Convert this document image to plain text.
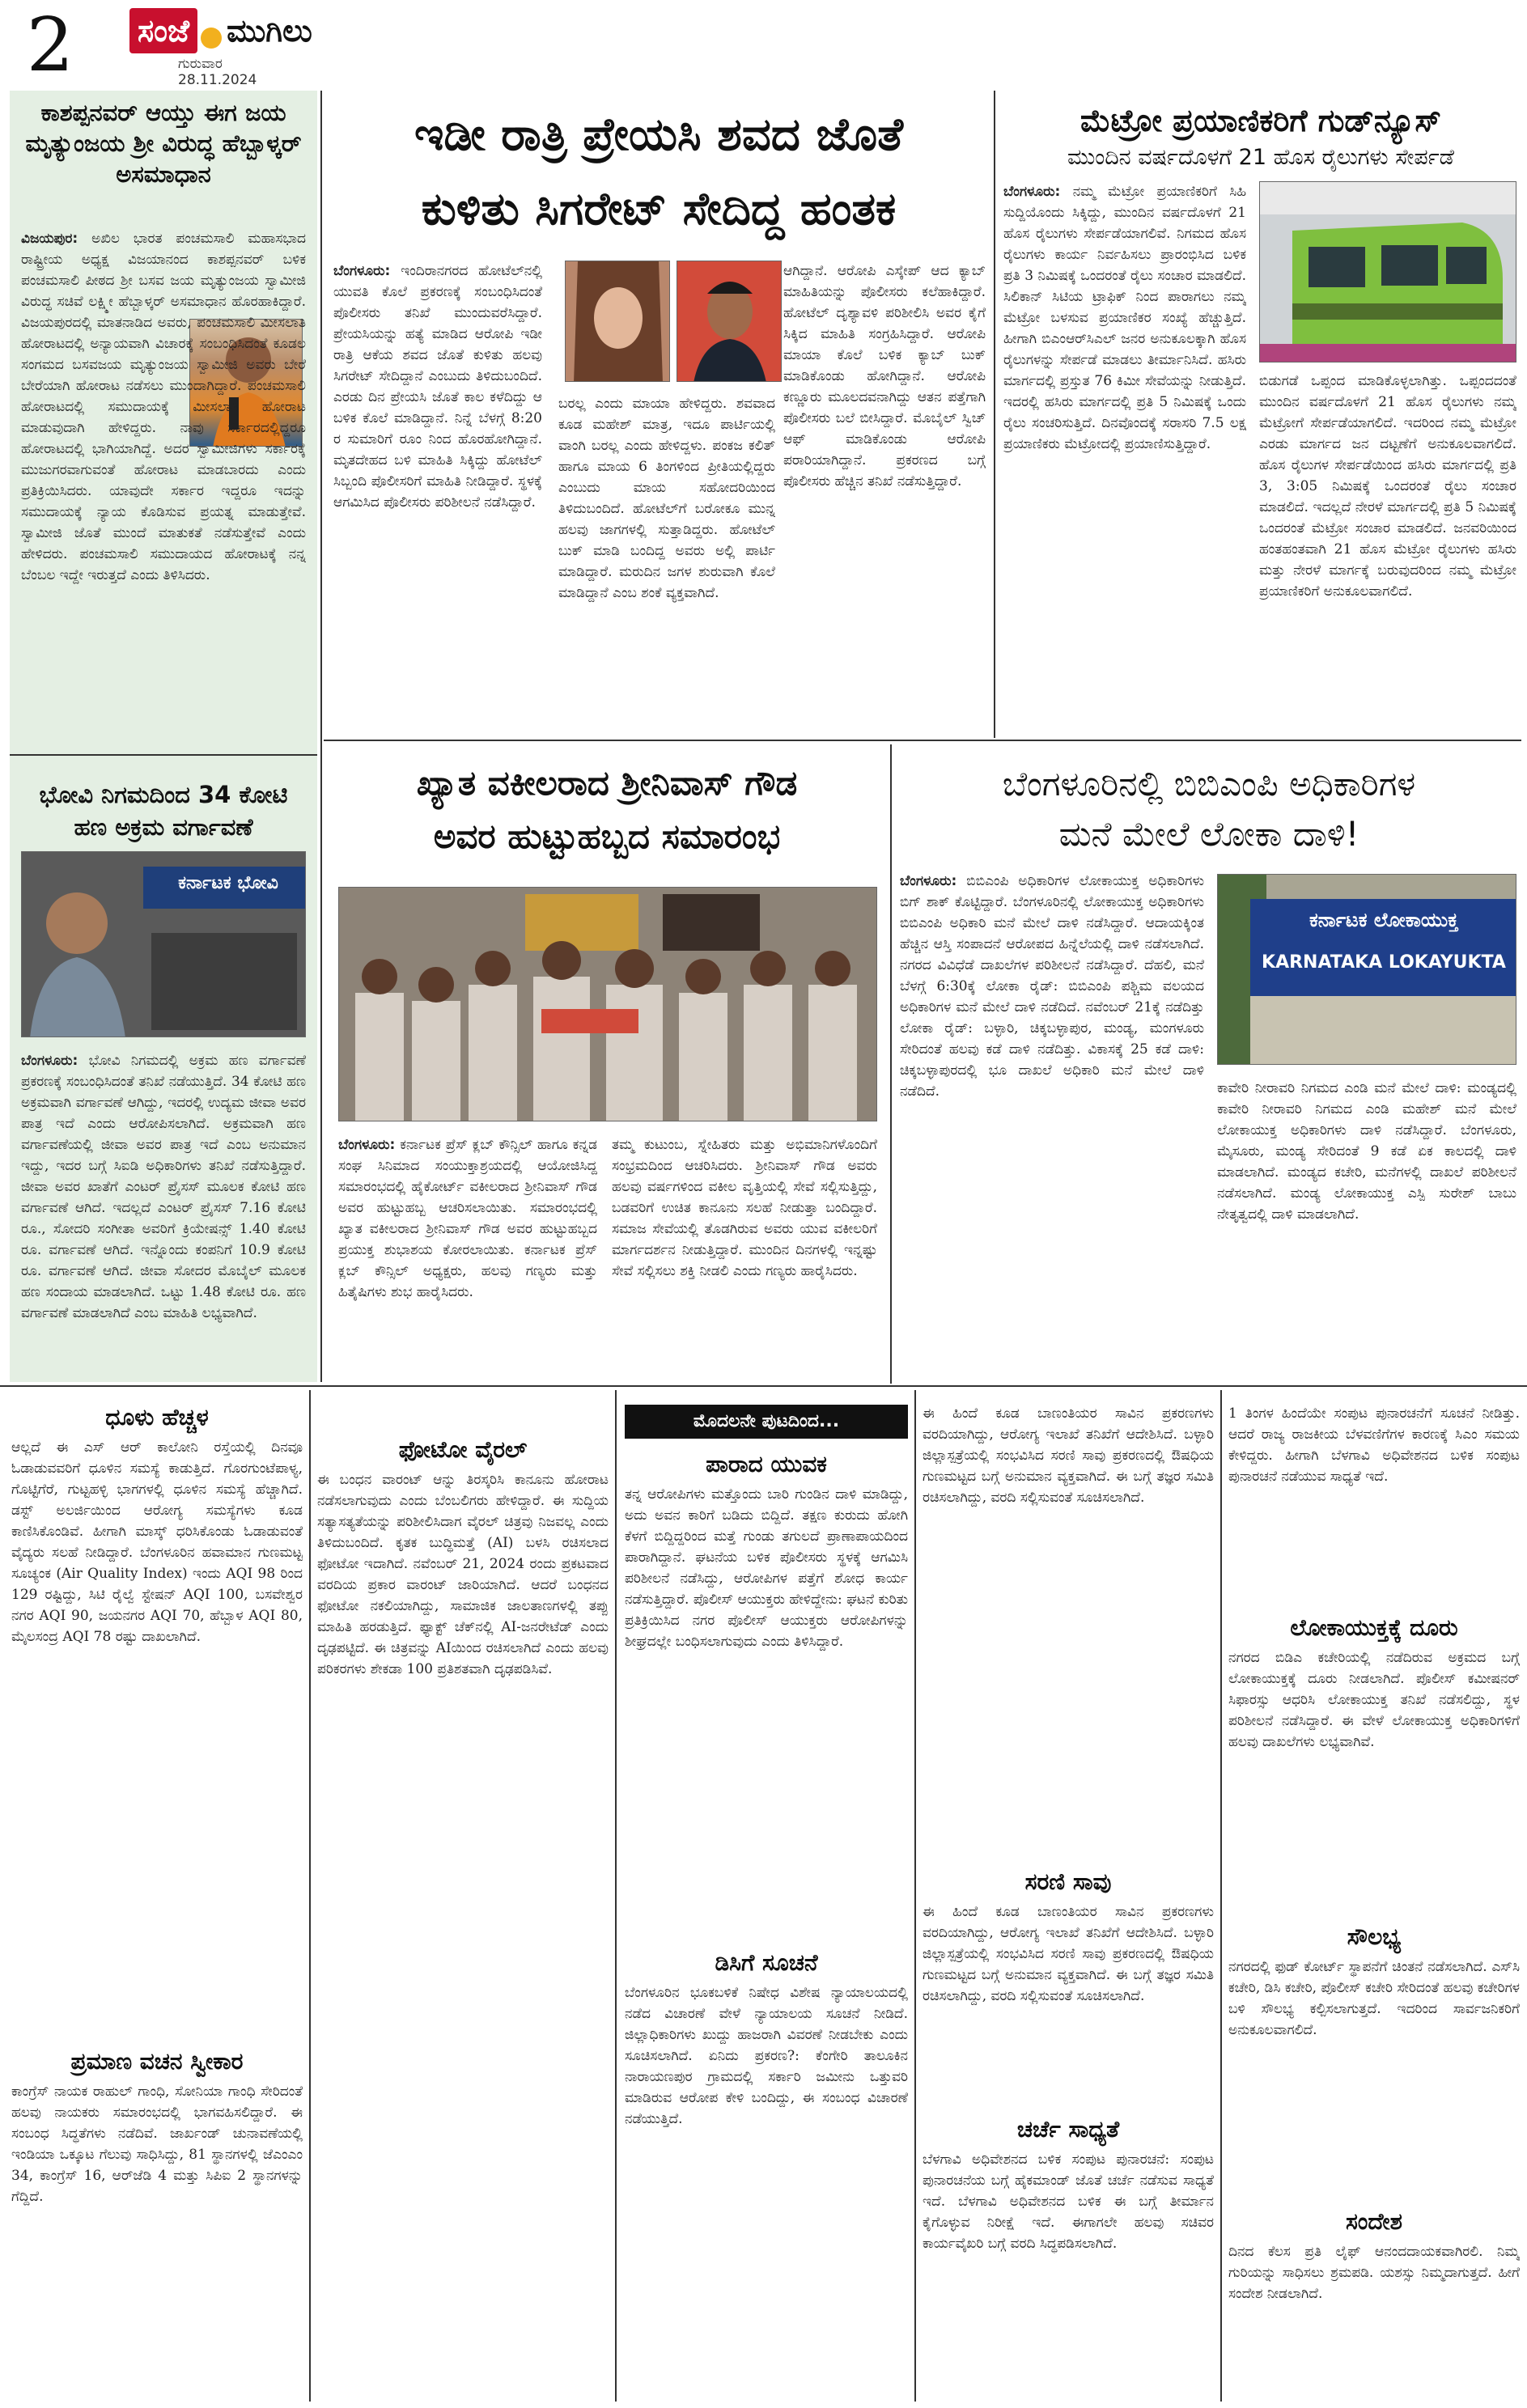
2	ಸಂಜೆ ಮುಗಿಲು
ಗುರುವಾರ
28.11.2024
ಕಾಶಪ್ಪನವರ್ ಆಯ್ತು ಈಗ ಜಯ ಮೃತ್ಯುಂಜಯ ಶ್ರೀ ವಿರುದ್ಧ ಹೆಬ್ಬಾಳ್ಕರ್ ಅಸಮಾಧಾನ
ವಿಜಯಪುರ: ಅಖಿಲ ಭಾರತ ಪಂಚಮಸಾಲಿ ಮಹಾಸಭಾದ ರಾಷ್ಟ್ರೀಯ ಅಧ್ಯಕ್ಷ ವಿಜಯಾನಂದ ಕಾಶಪ್ಪನವರ್ ಬಳಿಕ ಪಂಚಮಸಾಲಿ ಪೀಠದ ಶ್ರೀ ಬಸವ ಜಯ ಮೃತ್ಯುಂಜಯ ಸ್ವಾಮೀಜಿ ವಿರುದ್ಧ ಸಚಿವೆ ಲಕ್ಷ್ಮೀ ಹೆಬ್ಬಾಳ್ಕರ್ ಅಸಮಾಧಾನ ಹೊರಹಾಕಿದ್ದಾರೆ. ವಿಜಯಪುರದಲ್ಲಿ ಮಾತನಾಡಿದ ಅವರು, ಪಂಚಮಸಾಲಿ ಮೀಸಲಾತಿ ಹೋರಾಟದಲ್ಲಿ ಅನ್ಯಾಯವಾಗಿ ವಿಚಾರಕ್ಕೆ ಸಂಬಂಧಿಸಿದಂತೆ ಕೂಡಲ ಸಂಗಮದ ಬಸವಜಯ ಮೃತ್ಯುಂಜಯ ಸ್ವಾಮೀಜಿ ಅವರು ಬೇರೆ ಬೇರೆಯಾಗಿ ಹೋರಾಟ ನಡೆಸಲು ಮುಂದಾಗಿದ್ದಾರೆ. ಪಂಚಮಸಾಲಿ ಹೋರಾಟದಲ್ಲಿ ಸಮುದಾಯಕ್ಕೆ ಮೀಸಲಾತಿ ಹೋರಾಟ ಮಾಡುವುದಾಗಿ ಹೇಳಿದ್ದರು. ನಾವು ಸರ್ಕಾರದಲ್ಲಿದ್ದರೂ ಹೋರಾಟದಲ್ಲಿ ಭಾಗಿಯಾಗಿದ್ದೆ. ಅದರ ಸ್ವಾಮೀಜಿಗಳು ಸರ್ಕಾರಕ್ಕೆ ಮುಜುಗರವಾಗುವಂತೆ ಹೋರಾಟ ಮಾಡಬಾರದು ಎಂದು ಪ್ರತಿಕ್ರಿಯಿಸಿದರು. ಯಾವುದೇ ಸರ್ಕಾರ ಇದ್ದರೂ ಇದನ್ನು ಸಮುದಾಯಕ್ಕೆ ನ್ಯಾಯ ಕೊಡಿಸುವ ಪ್ರಯತ್ನ ಮಾಡುತ್ತೇವೆ. ಸ್ವಾಮೀಜಿ ಜೊತೆ ಮುಂದೆ ಮಾತುಕತೆ ನಡೆಸುತ್ತೇವೆ ಎಂದು ಹೇಳಿದರು. ಪಂಚಮಸಾಲಿ ಸಮುದಾಯದ ಹೋರಾಟಕ್ಕೆ ನನ್ನ ಬೆಂಬಲ ಇದ್ದೇ ಇರುತ್ತದೆ ಎಂದು ತಿಳಿಸಿದರು.
ಭೋವಿ ನಿಗಮದಿಂದ 34 ಕೋಟಿ ಹಣ ಅಕ್ರಮ ವರ್ಗಾವಣೆ
ಕರ್ನಾಟಕ ಭೋವಿ
ಬೆಂಗಳೂರು: ಭೋವಿ ನಿಗಮದಲ್ಲಿ ಅಕ್ರಮ ಹಣ ವರ್ಗಾವಣೆ ಪ್ರಕರಣಕ್ಕೆ ಸಂಬಂಧಿಸಿದಂತೆ ತನಿಖೆ ನಡೆಯುತ್ತಿದೆ. 34 ಕೋಟಿ ಹಣ ಅಕ್ರಮವಾಗಿ ವರ್ಗಾವಣೆ ಆಗಿದ್ದು, ಇದರಲ್ಲಿ ಉದ್ಯಮ ಜೀವಾ ಅವರ ಪಾತ್ರ ಇದೆ ಎಂದು ಆರೋಪಿಸಲಾಗಿದೆ. ಅಕ್ರಮವಾಗಿ ಹಣ ವರ್ಗಾವಣೆಯಲ್ಲಿ ಜೀವಾ ಅವರ ಪಾತ್ರ ಇದೆ ಎಂಬ ಅನುಮಾನ ಇದ್ದು, ಇದರ ಬಗ್ಗೆ ಸಿಐಡಿ ಅಧಿಕಾರಿಗಳು ತನಿಖೆ ನಡೆಸುತ್ತಿದ್ದಾರೆ. ಜೀವಾ ಅವರ ಖಾತೆಗೆ ಎಂಟರ್ ಪ್ರೈಸಸ್ ಮೂಲಕ ಕೋಟಿ ಹಣ ವರ್ಗಾವಣೆ ಆಗಿದೆ. ಇದಲ್ಲದೆ ಎಂಟರ್ ಪ್ರೈಸಸ್ 7.16 ಕೋಟಿ ರೂ., ಸೋದರಿ ಸಂಗೀತಾ ಅವರಿಗೆ ಕ್ರಿಯೇಷನ್ಸ್ 1.40 ಕೋಟಿ ರೂ. ವರ್ಗಾವಣೆ ಆಗಿದೆ. ಇನ್ನೊಂದು ಕಂಪನಿಗೆ 10.9 ಕೋಟಿ ರೂ. ವರ್ಗಾವಣೆ ಆಗಿದೆ. ಜೀವಾ ಸೋದರ ಮೊಬೈಲ್ ಮೂಲಕ ಹಣ ಸಂದಾಯ ಮಾಡಲಾಗಿದೆ. ಒಟ್ಟು 1.48 ಕೋಟಿ ರೂ. ಹಣ ವರ್ಗಾವಣೆ ಮಾಡಲಾಗಿದೆ ಎಂಬ ಮಾಹಿತಿ ಲಭ್ಯವಾಗಿದೆ.
ಇಡೀ ರಾತ್ರಿ ಪ್ರೇಯಸಿ ಶವದ ಜೊತೆ
ಕುಳಿತು ಸಿಗರೇಟ್ ಸೇದಿದ್ದ ಹಂತಕ
ಬೆಂಗಳೂರು: ಇಂದಿರಾನಗರದ ಹೋಟೆಲ್‌ನಲ್ಲಿ ಯುವತಿ ಕೊಲೆ ಪ್ರಕರಣಕ್ಕೆ ಸಂಬಂಧಿಸಿದಂತೆ ಪೊಲೀಸರು ತನಿಖೆ ಮುಂದುವರೆಸಿದ್ದಾರೆ. ಪ್ರೇಯಸಿಯನ್ನು ಹತ್ಯೆ ಮಾಡಿದ ಆರೋಪಿ ಇಡೀ ರಾತ್ರಿ ಆಕೆಯ ಶವದ ಜೊತೆ ಕುಳಿತು ಹಲವು ಸಿಗರೇಟ್ ಸೇದಿದ್ದಾನೆ ಎಂಬುದು ತಿಳಿದುಬಂದಿದೆ. ಎರಡು ದಿನ ಪ್ರೇಯಸಿ ಜೊತೆ ಕಾಲ ಕಳೆದಿದ್ದು ಆ ಬಳಿಕ ಕೊಲೆ ಮಾಡಿದ್ದಾನೆ. ನಿನ್ನೆ ಬೆಳಗ್ಗೆ 8:20 ರ ಸುಮಾರಿಗೆ ರೂಂ ನಿಂದ ಹೊರಹೋಗಿದ್ದಾನೆ. ಮೃತದೇಹದ ಬಳಿ ಮಾಹಿತಿ ಸಿಕ್ಕಿದ್ದು ಹೋಟೆಲ್ ಸಿಬ್ಬಂದಿ ಪೊಲೀಸರಿಗೆ ಮಾಹಿತಿ ನೀಡಿದ್ದಾರೆ. ಸ್ಥಳಕ್ಕೆ ಆಗಮಿಸಿದ ಪೊಲೀಸರು ಪರಿಶೀಲನೆ ನಡೆಸಿದ್ದಾರೆ.
ಬರಲ್ಲ ಎಂದು ಮಾಯಾ ಹೇಳಿದ್ದರು. ಶವವಾದ ಕೂಡ ಮಹೇಶ್ ಮಾತ್ರ, ಇದೂ ಪಾರ್ಟಿಯಲ್ಲಿ ವಾಂಗಿ ಬರಲ್ಲ ಎಂದು ಹೇಳಿದ್ದಳು. ಪಂಕಜ ಕಲಿತ್ ಹಾಗೂ ಮಾಯ 6 ತಿಂಗಳಿಂದ ಪ್ರೀತಿಯಲ್ಲಿದ್ದರು ಎಂಬುದು ಮಾಯ ಸಹೋದರಿಯಿಂದ ತಿಳಿದುಬಂದಿದೆ. ಹೋಟೆಲ್‌ಗೆ ಬರೋಕೂ ಮುನ್ನ ಹಲವು ಜಾಗಗಳಲ್ಲಿ ಸುತ್ತಾಡಿದ್ದರು. ಹೋಟೆಲ್ ಬುಕ್ ಮಾಡಿ ಬಂದಿದ್ದ ಅವರು ಅಲ್ಲಿ ಪಾರ್ಟಿ ಮಾಡಿದ್ದಾರೆ. ಮರುದಿನ ಜಗಳ ಶುರುವಾಗಿ ಕೊಲೆ ಮಾಡಿದ್ದಾನೆ ಎಂಬ ಶಂಕೆ ವ್ಯಕ್ತವಾಗಿದೆ.
ಆಗಿದ್ದಾನೆ. ಆರೋಪಿ ಎಸ್ಕೇಪ್ ಆದ ಕ್ಯಾಬ್ ಮಾಹಿತಿಯನ್ನು ಪೊಲೀಸರು ಕಲೆಹಾಕಿದ್ದಾರೆ. ಹೋಟೆಲ್ ದೃಶ್ಯಾವಳಿ ಪರಿಶೀಲಿಸಿ ಅವರ ಕೈಗೆ ಸಿಕ್ಕಿದ ಮಾಹಿತಿ ಸಂಗ್ರಹಿಸಿದ್ದಾರೆ. ಆರೋಪಿ ಮಾಯಾ ಕೊಲೆ ಬಳಿಕ ಕ್ಯಾಬ್ ಬುಕ್ ಮಾಡಿಕೊಂಡು ಹೋಗಿದ್ದಾನೆ. ಆರೋಪಿ ಕಣ್ಣೂರು ಮೂಲದವನಾಗಿದ್ದು ಆತನ ಪತ್ತೆಗಾಗಿ ಪೊಲೀಸರು ಬಲೆ ಬೀಸಿದ್ದಾರೆ. ಮೊಬೈಲ್ ಸ್ವಿಚ್ ಆಫ್ ಮಾಡಿಕೊಂಡು ಆರೋಪಿ ಪರಾರಿಯಾಗಿದ್ದಾನೆ. ಪ್ರಕರಣದ ಬಗ್ಗೆ ಪೊಲೀಸರು ಹೆಚ್ಚಿನ ತನಿಖೆ ನಡೆಸುತ್ತಿದ್ದಾರೆ.
ಮೆಟ್ರೋ ಪ್ರಯಾಣಿಕರಿಗೆ ಗುಡ್‌ನ್ಯೂಸ್
ಮುಂದಿನ ವರ್ಷದೊಳಗೆ 21 ಹೊಸ ರೈಲುಗಳು ಸೇರ್ಪಡೆ
ಬೆಂಗಳೂರು: ನಮ್ಮ ಮೆಟ್ರೋ ಪ್ರಯಾಣಿಕರಿಗೆ ಸಿಹಿ ಸುದ್ದಿಯೊಂದು ಸಿಕ್ಕಿದ್ದು, ಮುಂದಿನ ವರ್ಷದೊಳಗೆ 21 ಹೊಸ ರೈಲುಗಳು ಸೇರ್ಪಡೆಯಾಗಲಿವೆ. ನಿಗಮದ ಹೊಸ ರೈಲುಗಳು ಕಾರ್ಯ ನಿರ್ವಹಿಸಲು ಪ್ರಾರಂಭಿಸಿದ ಬಳಿಕ ಪ್ರತಿ 3 ನಿಮಿಷಕ್ಕೆ ಒಂದರಂತೆ ರೈಲು ಸಂಚಾರ ಮಾಡಲಿದೆ. ಸಿಲಿಕಾನ್ ಸಿಟಿಯ ಟ್ರಾಫಿಕ್ ನಿಂದ ಪಾರಾಗಲು ನಮ್ಮ ಮೆಟ್ರೋ ಬಳಸುವ ಪ್ರಯಾಣಿಕರ ಸಂಖ್ಯೆ ಹೆಚ್ಚುತ್ತಿದೆ. ಹೀಗಾಗಿ ಬಿಎಂಆರ್‌ಸಿಎಲ್ ಜನರ ಅನುಕೂಲಕ್ಕಾಗಿ ಹೊಸ ರೈಲುಗಳನ್ನು ಸೇರ್ಪಡೆ ಮಾಡಲು ತೀರ್ಮಾನಿಸಿದೆ. ಹಸಿರು ಮಾರ್ಗದಲ್ಲಿ ಪ್ರಸ್ತುತ 76 ಕಿಮೀ ಸೇವೆಯನ್ನು ನೀಡುತ್ತಿದೆ. ಇದರಲ್ಲಿ ಹಸಿರು ಮಾರ್ಗದಲ್ಲಿ ಪ್ರತಿ 5 ನಿಮಿಷಕ್ಕೆ ಒಂದು ರೈಲು ಸಂಚರಿಸುತ್ತಿದೆ. ದಿನವೊಂದಕ್ಕೆ ಸರಾಸರಿ 7.5 ಲಕ್ಷ ಪ್ರಯಾಣಿಕರು ಮೆಟ್ರೋದಲ್ಲಿ ಪ್ರಯಾಣಿಸುತ್ತಿದ್ದಾರೆ.
ಬಿಡುಗಡೆ ಒಪ್ಪಂದ ಮಾಡಿಕೊಳ್ಳಲಾಗಿತ್ತು. ಒಪ್ಪಂದದಂತೆ ಮುಂದಿನ ವರ್ಷದೊಳಗೆ 21 ಹೊಸ ರೈಲುಗಳು ನಮ್ಮ ಮೆಟ್ರೋಗೆ ಸೇರ್ಪಡೆಯಾಗಲಿದೆ. ಇದರಿಂದ ನಮ್ಮ ಮೆಟ್ರೋ ಎರಡು ಮಾರ್ಗದ ಜನ ದಟ್ಟಣೆಗೆ ಅನುಕೂಲವಾಗಲಿದೆ. ಹೊಸ ರೈಲುಗಳ ಸೇರ್ಪಡೆಯಿಂದ ಹಸಿರು ಮಾರ್ಗದಲ್ಲಿ ಪ್ರತಿ 3, 3:05 ನಿಮಿಷಕ್ಕೆ ಒಂದರಂತೆ ರೈಲು ಸಂಚಾರ ಮಾಡಲಿದೆ. ಇದಲ್ಲದೆ ನೇರಳೆ ಮಾರ್ಗದಲ್ಲಿ ಪ್ರತಿ 5 ನಿಮಿಷಕ್ಕೆ ಒಂದರಂತೆ ಮೆಟ್ರೋ ಸಂಚಾರ ಮಾಡಲಿದೆ. ಜನವರಿಯಿಂದ ಹಂತಹಂತವಾಗಿ 21 ಹೊಸ ಮೆಟ್ರೋ ರೈಲುಗಳು ಹಸಿರು ಮತ್ತು ನೇರಳೆ ಮಾರ್ಗಕ್ಕೆ ಬರುವುದರಿಂದ ನಮ್ಮ ಮೆಟ್ರೋ ಪ್ರಯಾಣಿಕರಿಗೆ ಅನುಕೂಲವಾಗಲಿದೆ.
ಖ್ಯಾತ ವಕೀಲರಾದ ಶ್ರೀನಿವಾಸ್ ಗೌಡ
ಅವರ ಹುಟ್ಟುಹಬ್ಬದ ಸಮಾರಂಭ
ಬೆಂಗಳೂರು: ಕರ್ನಾಟಕ ಪ್ರೆಸ್ ಕ್ಲಬ್ ಕೌನ್ಸಿಲ್ ಹಾಗೂ ಕನ್ನಡ ಸಂಘ ಸಿನಿಮಾದ ಸಂಯುಕ್ತಾಶ್ರಯದಲ್ಲಿ ಆಯೋಜಿಸಿದ್ದ ಸಮಾರಂಭದಲ್ಲಿ ಹೈಕೋರ್ಟ್ ವಕೀಲರಾದ ಶ್ರೀನಿವಾಸ್ ಗೌಡ ಅವರ ಹುಟ್ಟುಹಬ್ಬ ಆಚರಿಸಲಾಯಿತು. ಸಮಾರಂಭದಲ್ಲಿ ಖ್ಯಾತ ವಕೀಲರಾದ ಶ್ರೀನಿವಾಸ್ ಗೌಡ ಅವರ ಹುಟ್ಟುಹಬ್ಬದ ಪ್ರಯುಕ್ತ ಶುಭಾಶಯ ಕೋರಲಾಯಿತು. ಕರ್ನಾಟಕ ಪ್ರೆಸ್ ಕ್ಲಬ್ ಕೌನ್ಸಿಲ್ ಅಧ್ಯಕ್ಷರು, ಹಲವು ಗಣ್ಯರು ಮತ್ತು ಹಿತೈಷಿಗಳು ಶುಭ ಹಾರೈಸಿದರು.
ತಮ್ಮ ಕುಟುಂಬ, ಸ್ನೇಹಿತರು ಮತ್ತು ಅಭಿಮಾನಿಗಳೊಂದಿಗೆ ಸಂಭ್ರಮದಿಂದ ಆಚರಿಸಿದರು. ಶ್ರೀನಿವಾಸ್ ಗೌಡ ಅವರು ಹಲವು ವರ್ಷಗಳಿಂದ ವಕೀಲ ವೃತ್ತಿಯಲ್ಲಿ ಸೇವೆ ಸಲ್ಲಿಸುತ್ತಿದ್ದು, ಬಡವರಿಗೆ ಉಚಿತ ಕಾನೂನು ಸಲಹೆ ನೀಡುತ್ತಾ ಬಂದಿದ್ದಾರೆ. ಸಮಾಜ ಸೇವೆಯಲ್ಲಿ ತೊಡಗಿರುವ ಅವರು ಯುವ ವಕೀಲರಿಗೆ ಮಾರ್ಗದರ್ಶನ ನೀಡುತ್ತಿದ್ದಾರೆ. ಮುಂದಿನ ದಿನಗಳಲ್ಲಿ ಇನ್ನಷ್ಟು ಸೇವೆ ಸಲ್ಲಿಸಲು ಶಕ್ತಿ ನೀಡಲಿ ಎಂದು ಗಣ್ಯರು ಹಾರೈಸಿದರು.
ಬೆಂಗಳೂರಿನಲ್ಲಿ ಬಿಬಿಎಂಪಿ ಅಧಿಕಾರಿಗಳ
ಮನೆ ಮೇಲೆ ಲೋಕಾ ದಾಳಿ!
ಬೆಂಗಳೂರು: ಬಿಬಿಎಂಪಿ ಅಧಿಕಾರಿಗಳ ಲೋಕಾಯುಕ್ತ ಅಧಿಕಾರಿಗಳು ಬಿಗ್ ಶಾಕ್ ಕೊಟ್ಟಿದ್ದಾರೆ. ಬೆಂಗಳೂರಿನಲ್ಲಿ ಲೋಕಾಯುಕ್ತ ಅಧಿಕಾರಿಗಳು ಬಿಬಿಎಂಪಿ ಅಧಿಕಾರಿ ಮನೆ ಮೇಲೆ ದಾಳಿ ನಡೆಸಿದ್ದಾರೆ. ಆದಾಯಕ್ಕಿಂತ ಹೆಚ್ಚಿನ ಆಸ್ತಿ ಸಂಪಾದನೆ ಆರೋಪದ ಹಿನ್ನೆಲೆಯಲ್ಲಿ ದಾಳಿ ನಡೆಸಲಾಗಿದೆ. ನಗರದ ವಿವಿಧೆಡೆ ದಾಖಲೆಗಳ ಪರಿಶೀಲನೆ ನಡೆಸಿದ್ದಾರೆ. ದೆಹಲಿ, ಮನೆ ಬೆಳಗ್ಗೆ 6:30ಕ್ಕೆ ಲೋಕಾ ರೈಡ್: ಬಿಬಿಎಂಪಿ ಪಶ್ಚಿಮ ವಲಯದ ಅಧಿಕಾರಿಗಳ ಮನೆ ಮೇಲೆ ದಾಳಿ ನಡೆದಿದೆ. ನವೆಂಬರ್ 21ಕ್ಕೆ ನಡೆದಿತ್ತು ಲೋಕಾ ರೈಡ್: ಬಳ್ಳಾರಿ, ಚಿಕ್ಕಬಳ್ಳಾಪುರ, ಮಂಡ್ಯ, ಮಂಗಳೂರು ಸೇರಿದಂತೆ ಹಲವು ಕಡೆ ದಾಳಿ ನಡೆದಿತ್ತು. ವಿಕಾಸಕ್ಕೆ 25 ಕಡೆ ದಾಳಿ: ಚಿಕ್ಕಬಳ್ಳಾಪುರದಲ್ಲಿ ಭೂ ದಾಖಲೆ ಅಧಿಕಾರಿ ಮನೆ ಮೇಲೆ ದಾಳಿ ನಡೆದಿದೆ.
ಕರ್ನಾಟಕ ಲೋಕಾಯುಕ್ತ
KARNATAKA LOKAYUKTA
ಕಾವೇರಿ ನೀರಾವರಿ ನಿಗಮದ ಎಂಡಿ ಮನೆ ಮೇಲೆ ದಾಳಿ: ಮಂಡ್ಯದಲ್ಲಿ ಕಾವೇರಿ ನೀರಾವರಿ ನಿಗಮದ ಎಂಡಿ ಮಹೇಶ್ ಮನೆ ಮೇಲೆ ಲೋಕಾಯುಕ್ತ ಅಧಿಕಾರಿಗಳು ದಾಳಿ ನಡೆಸಿದ್ದಾರೆ. ಬೆಂಗಳೂರು, ಮೈಸೂರು, ಮಂಡ್ಯ ಸೇರಿದಂತೆ 9 ಕಡೆ ಏಕ ಕಾಲದಲ್ಲಿ ದಾಳಿ ಮಾಡಲಾಗಿದೆ. ಮಂಡ್ಯದ ಕಚೇರಿ, ಮನೆಗಳಲ್ಲಿ ದಾಖಲೆ ಪರಿಶೀಲನೆ ನಡೆಸಲಾಗಿದೆ. ಮಂಡ್ಯ ಲೋಕಾಯುಕ್ತ ಎಸ್ಪಿ ಸುರೇಶ್ ಬಾಬು ನೇತೃತ್ವದಲ್ಲಿ ದಾಳಿ ಮಾಡಲಾಗಿದೆ.
ಮೊದಲನೇ ಪುಟದಿಂದ...
ಧೂಳು ಹೆಚ್ಚಳ
ಆಲ್ಲದೆ ಈ ಎಸ್ ಆರ್ ಕಾಲೋನಿ ರಸ್ತೆಯಲ್ಲಿ ದಿನವೂ ಓಡಾಡುವವರಿಗೆ ಧೂಳಿನ ಸಮಸ್ಯೆ ಕಾಡುತ್ತಿದೆ. ಗೊರಗುಂಟೆಪಾಳ್ಯ, ಗೊಟ್ಟಿಗೆರೆ, ಗುಟ್ಟಹಳ್ಳಿ ಭಾಗಗಳಲ್ಲಿ ಧೂಳಿನ ಸಮಸ್ಯೆ ಹೆಚ್ಚಾಗಿದೆ. ಡಸ್ಟ್ ಅಲರ್ಜಿಯಿಂದ ಆರೋಗ್ಯ ಸಮಸ್ಯೆಗಳು ಕೂಡ ಕಾಣಿಸಿಕೊಂಡಿವೆ. ಹೀಗಾಗಿ ಮಾಸ್ಕ್ ಧರಿಸಿಕೊಂಡು ಓಡಾಡುವಂತೆ ವೈದ್ಯರು ಸಲಹೆ ನೀಡಿದ್ದಾರೆ. ಬೆಂಗಳೂರಿನ ಹವಾಮಾನ ಗುಣಮಟ್ಟ ಸೂಚ್ಯಂಕ (Air Quality Index) ಇಂದು AQI 98 ರಿಂದ 129 ರಷ್ಟಿದ್ದು, ಸಿಟಿ ರೈಲ್ವೆ ಸ್ಟೇಷನ್ AQI 100, ಬಸವೇಶ್ವರ ನಗರ AQI 90, ಜಯನಗರ AQI 70, ಹೆಬ್ಬಾಳ AQI 80, ಮೈಲಸಂದ್ರ AQI 78 ರಷ್ಟು ದಾಖಲಾಗಿದೆ.
ಪ್ರಮಾಣ ವಚನ ಸ್ವೀಕಾರ
ಕಾಂಗ್ರೆಸ್ ನಾಯಕ ರಾಹುಲ್ ಗಾಂಧಿ, ಸೋನಿಯಾ ಗಾಂಧಿ ಸೇರಿದಂತೆ ಹಲವು ನಾಯಕರು ಸಮಾರಂಭದಲ್ಲಿ ಭಾಗವಹಿಸಲಿದ್ದಾರೆ. ಈ ಸಂಬಂಧ ಸಿದ್ಧತೆಗಳು ನಡೆದಿವೆ. ಜಾರ್ಖಂಡ್ ಚುನಾವಣೆಯಲ್ಲಿ ಇಂಡಿಯಾ ಒಕ್ಕೂಟ ಗೆಲುವು ಸಾಧಿಸಿದ್ದು, 81 ಸ್ಥಾನಗಳಲ್ಲಿ ಜೆಎಂಎಂ 34, ಕಾಂಗ್ರೆಸ್ 16, ಆರ್‌ಜೆಡಿ 4 ಮತ್ತು ಸಿಪಿಐ 2 ಸ್ಥಾನಗಳನ್ನು ಗೆದ್ದಿದೆ.
ಫೋಟೋ ವೈರಲ್
ಈ ಬಂಧನ ವಾರಂಟ್ ಆನ್ನು ತಿರಸ್ಕರಿಸಿ ಕಾನೂನು ಹೋರಾಟ ನಡೆಸಲಾಗುವುದು ಎಂದು ಬೆಂಬಲಿಗರು ಹೇಳಿದ್ದಾರೆ. ಈ ಸುದ್ದಿಯ ಸತ್ಯಾಸತ್ಯತೆಯನ್ನು ಪರಿಶೀಲಿಸಿದಾಗ ವೈರಲ್ ಚಿತ್ರವು ನಿಜವಲ್ಲ ಎಂದು ತಿಳಿದುಬಂದಿದೆ. ಕೃತಕ ಬುದ್ಧಿಮತ್ತೆ (AI) ಬಳಸಿ ರಚಿಸಲಾದ ಫೋಟೋ ಇದಾಗಿದೆ. ನವೆಂಬರ್ 21, 2024 ರಂದು ಪ್ರಕಟವಾದ ವರದಿಯ ಪ್ರಕಾರ ವಾರಂಟ್ ಜಾರಿಯಾಗಿದೆ. ಆದರೆ ಬಂಧನದ ಫೋಟೋ ನಕಲಿಯಾಗಿದ್ದು, ಸಾಮಾಜಿಕ ಜಾಲತಾಣಗಳಲ್ಲಿ ತಪ್ಪು ಮಾಹಿತಿ ಹರಡುತ್ತಿದೆ. ಫ್ಯಾಕ್ಟ್ ಚೆಕ್‌ನಲ್ಲಿ AI-ಜನರೇಟೆಡ್ ಎಂದು ದೃಢಪಟ್ಟಿದೆ. ಈ ಚಿತ್ರವನ್ನು AIಯಿಂದ ರಚಿಸಲಾಗಿದೆ ಎಂದು ಹಲವು ಪರಿಕರಗಳು ಶೇಕಡಾ 100 ಪ್ರತಿಶತವಾಗಿ ದೃಢಪಡಿಸಿವೆ.
ಪಾರಾದ ಯುವಕ
ತನ್ನ ಆರೋಪಿಗಳು ಮತ್ತೊಂದು ಬಾರಿ ಗುಂಡಿನ ದಾಳಿ ಮಾಡಿದ್ದು, ಅದು ಅವನ ಕಾರಿಗೆ ಬಡಿದು ಬಿದ್ದಿದೆ. ತಕ್ಷಣ ಕುರುದು ಹೋಗಿ ಕೆಳಗೆ ಬಿದ್ದಿದ್ದರಿಂದ ಮತ್ತೆ ಗುಂಡು ತಗುಲದೆ ಪ್ರಾಣಾಪಾಯದಿಂದ ಪಾರಾಗಿದ್ದಾನೆ. ಘಟನೆಯ ಬಳಿಕ ಪೊಲೀಸರು ಸ್ಥಳಕ್ಕೆ ಆಗಮಿಸಿ ಪರಿಶೀಲನೆ ನಡೆಸಿದ್ದು, ಆರೋಪಿಗಳ ಪತ್ತೆಗೆ ಶೋಧ ಕಾರ್ಯ ನಡೆಸುತ್ತಿದ್ದಾರೆ. ಪೊಲೀಸ್ ಆಯುಕ್ತರು ಹೇಳಿದ್ದೇನು: ಘಟನೆ ಕುರಿತು ಪ್ರತಿಕ್ರಿಯಿಸಿದ ನಗರ ಪೊಲೀಸ್ ಆಯುಕ್ತರು ಆರೋಪಿಗಳನ್ನು ಶೀಘ್ರದಲ್ಲೇ ಬಂಧಿಸಲಾಗುವುದು ಎಂದು ತಿಳಿಸಿದ್ದಾರೆ.
ಡಿಸಿಗೆ ಸೂಚನೆ
ಬೆಂಗಳೂರಿನ ಭೂಕಬಳಿಕೆ ನಿಷೇಧ ವಿಶೇಷ ನ್ಯಾಯಾಲಯದಲ್ಲಿ ನಡೆದ ವಿಚಾರಣೆ ವೇಳೆ ನ್ಯಾಯಾಲಯ ಸೂಚನೆ ನೀಡಿದೆ. ಜಿಲ್ಲಾಧಿಕಾರಿಗಳು ಖುದ್ದು ಹಾಜರಾಗಿ ವಿವರಣೆ ನೀಡಬೇಕು ಎಂದು ಸೂಚಿಸಲಾಗಿದೆ. ಏನಿದು ಪ್ರಕರಣ?: ಕೆಂಗೇರಿ ತಾಲೂಕಿನ ನಾರಾಯಣಪುರ ಗ್ರಾಮದಲ್ಲಿ ಸರ್ಕಾರಿ ಜಮೀನು ಒತ್ತುವರಿ ಮಾಡಿರುವ ಆರೋಪ ಕೇಳಿ ಬಂದಿದ್ದು, ಈ ಸಂಬಂಧ ವಿಚಾರಣೆ ನಡೆಯುತ್ತಿದೆ.
ಈ ಹಿಂದೆ ಕೂಡ ಬಾಣಂತಿಯರ ಸಾವಿನ ಪ್ರಕರಣಗಳು ವರದಿಯಾಗಿದ್ದು, ಆರೋಗ್ಯ ಇಲಾಖೆ ತನಿಖೆಗೆ ಆದೇಶಿಸಿದೆ. ಬಳ್ಳಾರಿ ಜಿಲ್ಲಾಸ್ಪತ್ರೆಯಲ್ಲಿ ಸಂಭವಿಸಿದ ಸರಣಿ ಸಾವು ಪ್ರಕರಣದಲ್ಲಿ ಔಷಧಿಯ ಗುಣಮಟ್ಟದ ಬಗ್ಗೆ ಅನುಮಾನ ವ್ಯಕ್ತವಾಗಿದೆ. ಈ ಬಗ್ಗೆ ತಜ್ಞರ ಸಮಿತಿ ರಚಿಸಲಾಗಿದ್ದು, ವರದಿ ಸಲ್ಲಿಸುವಂತೆ ಸೂಚಿಸಲಾಗಿದೆ.
ಸರಣಿ ಸಾವು
ಈ ಹಿಂದೆ ಕೂಡ ಬಾಣಂತಿಯರ ಸಾವಿನ ಪ್ರಕರಣಗಳು ವರದಿಯಾಗಿದ್ದು, ಆರೋಗ್ಯ ಇಲಾಖೆ ತನಿಖೆಗೆ ಆದೇಶಿಸಿದೆ. ಬಳ್ಳಾರಿ ಜಿಲ್ಲಾಸ್ಪತ್ರೆಯಲ್ಲಿ ಸಂಭವಿಸಿದ ಸರಣಿ ಸಾವು ಪ್ರಕರಣದಲ್ಲಿ ಔಷಧಿಯ ಗುಣಮಟ್ಟದ ಬಗ್ಗೆ ಅನುಮಾನ ವ್ಯಕ್ತವಾಗಿದೆ. ಈ ಬಗ್ಗೆ ತಜ್ಞರ ಸಮಿತಿ ರಚಿಸಲಾಗಿದ್ದು, ವರದಿ ಸಲ್ಲಿಸುವಂತೆ ಸೂಚಿಸಲಾಗಿದೆ.
ಚರ್ಚೆ ಸಾಧ್ಯತೆ
ಬೆಳಗಾವಿ ಅಧಿವೇಶನದ ಬಳಿಕ ಸಂಪುಟ ಪುನಾರಚನೆ: ಸಂಪುಟ ಪುನಾರಚನೆಯ ಬಗ್ಗೆ ಹೈಕಮಾಂಡ್ ಜೊತೆ ಚರ್ಚೆ ನಡೆಸುವ ಸಾಧ್ಯತೆ ಇದೆ. ಬೆಳಗಾವಿ ಅಧಿವೇಶನದ ಬಳಿಕ ಈ ಬಗ್ಗೆ ತೀರ್ಮಾನ ಕೈಗೊಳ್ಳುವ ನಿರೀಕ್ಷೆ ಇದೆ. ಈಗಾಗಲೇ ಹಲವು ಸಚಿವರ ಕಾರ್ಯವೈಖರಿ ಬಗ್ಗೆ ವರದಿ ಸಿದ್ಧಪಡಿಸಲಾಗಿದೆ.
1 ತಿಂಗಳ ಹಿಂದೆಯೇ ಸಂಪುಟ ಪುನಾರಚನೆಗೆ ಸೂಚನೆ ನೀಡಿತ್ತು. ಆದರೆ ರಾಜ್ಯ ರಾಜಕೀಯ ಬೆಳವಣಿಗೆಗಳ ಕಾರಣಕ್ಕೆ ಸಿಎಂ ಸಮಯ ಕೇಳಿದ್ದರು. ಹೀಗಾಗಿ ಬೆಳಗಾವಿ ಅಧಿವೇಶನದ ಬಳಿಕ ಸಂಪುಟ ಪುನಾರಚನೆ ನಡೆಯುವ ಸಾಧ್ಯತೆ ಇದೆ.
ಲೋಕಾಯುಕ್ತಕ್ಕೆ ದೂರು
ನಗರದ ಬಿಡಿಎ ಕಚೇರಿಯಲ್ಲಿ ನಡೆದಿರುವ ಅಕ್ರಮದ ಬಗ್ಗೆ ಲೋಕಾಯುಕ್ತಕ್ಕೆ ದೂರು ನೀಡಲಾಗಿದೆ. ಪೊಲೀಸ್ ಕಮೀಷನರ್ ಸಿಫಾರಸ್ಸು ಆಧರಿಸಿ ಲೋಕಾಯುಕ್ತ ತನಿಖೆ ನಡೆಸಲಿದ್ದು, ಸ್ಥಳ ಪರಿಶೀಲನೆ ನಡೆಸಿದ್ದಾರೆ. ಈ ವೇಳೆ ಲೋಕಾಯುಕ್ತ ಅಧಿಕಾರಿಗಳಿಗೆ ಹಲವು ದಾಖಲೆಗಳು ಲಭ್ಯವಾಗಿವೆ.
ಸೌಲಭ್ಯ
ನಗರದಲ್ಲಿ ಫುಡ್ ಕೋರ್ಟ್ ಸ್ಥಾಪನೆಗೆ ಚಿಂತನೆ ನಡೆಸಲಾಗಿದೆ. ಎಸ್‌ಸಿ ಕಚೇರಿ, ಡಿಸಿ ಕಚೇರಿ, ಪೊಲೀಸ್ ಕಚೇರಿ ಸೇರಿದಂತೆ ಹಲವು ಕಚೇರಿಗಳ ಬಳಿ ಸೌಲಭ್ಯ ಕಲ್ಪಿಸಲಾಗುತ್ತದೆ. ಇದರಿಂದ ಸಾರ್ವಜನಿಕರಿಗೆ ಅನುಕೂಲವಾಗಲಿದೆ.
ಸಂದೇಶ
ದಿನದ ಕೆಲಸ ಪ್ರತಿ ಲೈಫ್ ಆನಂದದಾಯಕವಾಗಿರಲಿ. ನಿಮ್ಮ ಗುರಿಯನ್ನು ಸಾಧಿಸಲು ಶ್ರಮಪಡಿ. ಯಶಸ್ಸು ನಿಮ್ಮದಾಗುತ್ತದೆ. ಹೀಗೆ ಸಂದೇಶ ನೀಡಲಾಗಿದೆ.
